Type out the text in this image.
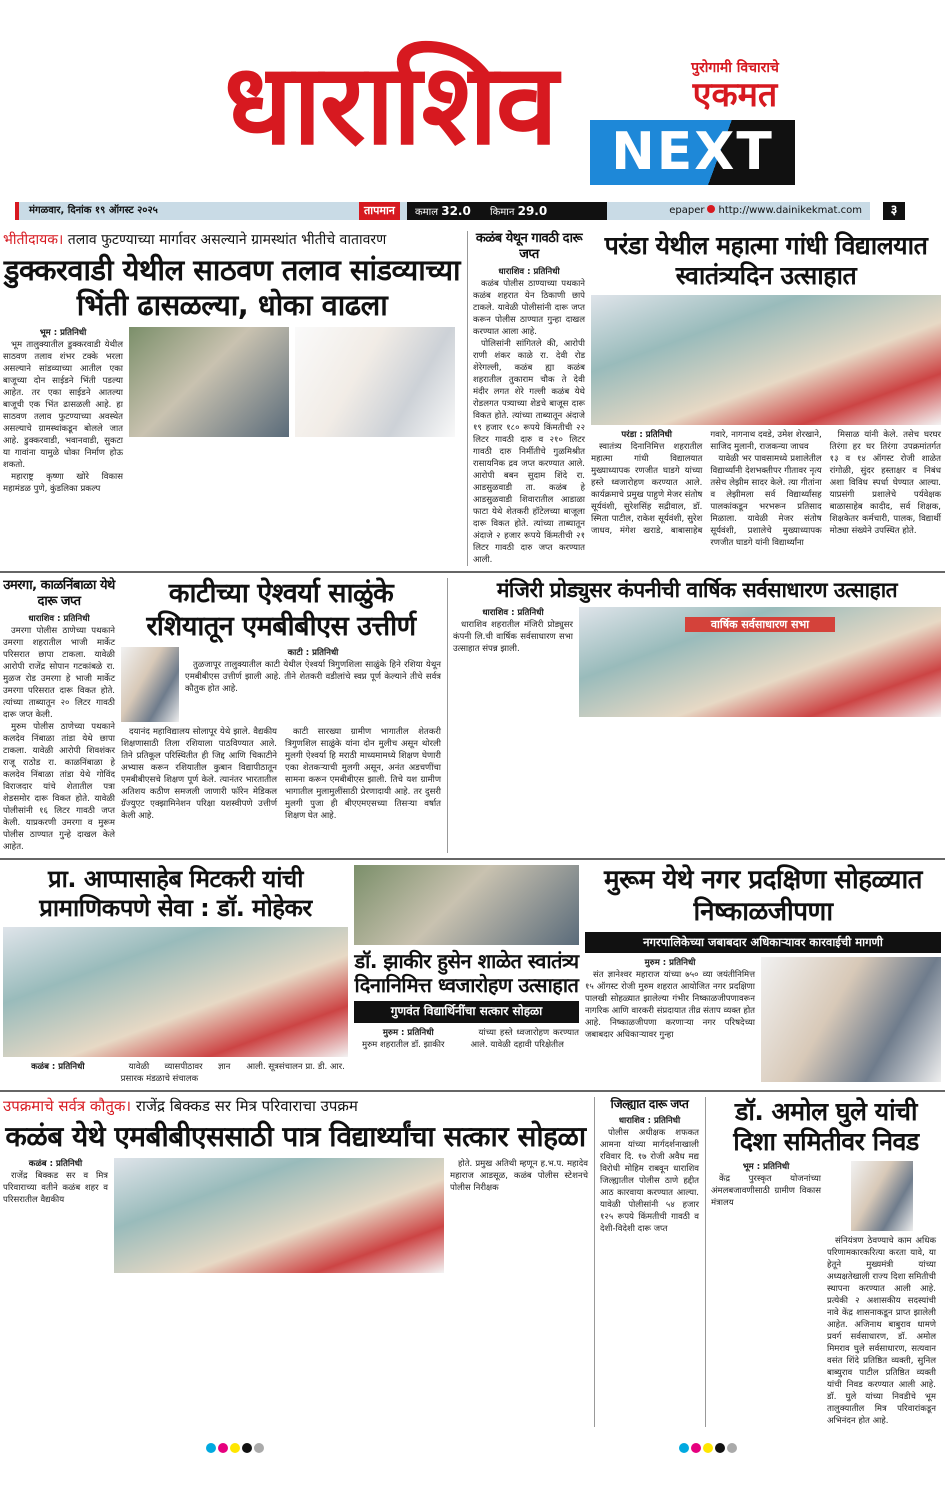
धाराशिव	पुरोगामी विचाराचे
एकमत
NEXT
मंगळवार, दिनांक १९ ऑगस्ट २०२५	तापमान	कमाल 32.0 किमान 29.0	epaper http://www.dainikekmat.com	३
भीतीदायक। तलाव फुटण्याच्या मार्गावर असल्याने ग्रामस्थांत भीतीचे वातावरण
डुक्करवाडी येथील साठवण तलाव सांडव्याच्या भिंती ढासळल्या, धोका वाढला
भूम : प्रतिनिधी

भूम तालुक्यातील डुक्करवाडी येथील साठवण तलाव शंभर टक्के भरला असल्याने सांडव्याच्या आतील एका बाजूच्या दोन साईडने भिंती पडल्या आहेत. तर एका साईडने आतल्या बाजूची एक भिंत ढासळली आहे. हा साठवण तलाव फुटण्याच्या अवस्थेत असल्याचे ग्रामस्थांकडून बोलले जात आहे. डुक्करवाडी, भवानवाडी, सुकटा या गावांना यामुळे धोका निर्माण होऊ शकतो.

महाराष्ट्र कृष्णा खोरे विकास महामंडळ पुणे, कुंडलिका प्रकल्प

कळंब येथून गावठी दारू जप्त
धाराशिव : प्रतिनिधी

कळंब पोलीस ठाण्याच्या पथकाने कळंब शहरात येन ठिकाणी छापे टाकले. यावेळी पोलीसांनी दारू जप्त करून पोलीस ठाण्यात गुन्हा दाखल करण्यात आला आहे.

पोलिसांनी सांगितले की, आरोपी राणी शंकर काळे रा. देवी रोड शेरेगल्ली, कळंब ह्या कळंब शहरातील तुकाराम चौक ते देवी मंदीर लगत शेरे गल्ली कळंब येथे रोडलगत पत्र्याच्या शेडचे बाजूस दारू विकत होते. त्यांच्या ताब्यातून अंदाजे १९ हजार १८० रूपये किंमतीची २२ लिटर गावठी दारु व २१० लिटर गावठी दारु निर्मीतीचे गुळमिश्रीत रासायनिक द्रव जप्त करण्यात आले. आरोपी बबन सुदाम शिंदे रा. आडसुळवाडी ता. कळंब हे आडसुळवाडी शिवारातील आडाळा फाटा येथे शेतकरी हॉटेलच्या बाजूला दारू विकत होते. त्यांच्या ताब्यातून अंदाजे २ हजार रूपये किंमतीची २१ लिटर गावठी दारु जप्त करण्यात आली.

परंडा येथील महात्मा गांधी विद्यालयात स्वातंत्र्यदिन उत्साहात
परंडा : प्रतिनिधी

स्वातंत्र्य दिनानिमित्त शहरातील महात्मा गांधी विद्यालयात मुख्याध्यापक रणजीत घाडगे यांच्या हस्ते ध्वजारोहण करण्यात आले. कार्यक्रमाचे प्रमुख पाहुणे मेजर संतोष सूर्यवंशी, सुरेशसिंह सद्रीवाल, डॉ. स्मिता पाटील, राकेश सूर्यवंशी, सुरेश जाधव, मंगेश खराडे, बाबासाहेब गवारे, नागनाथ दवडे, उमेश शेरखाने, साजिद मुलानी, राजकन्या जाधव

यावेळी भर पावसामध्ये प्रशालेतील विद्यार्थ्यांनी देशभक्तीपर गीतावर नृत्य तसेच लेझीम सादर केले. त्या गीतांना व लेझीमला सर्व विद्यार्थ्यांसह पालकांकडून भरभरून प्रतिसाद मिळाला. यावेळी मेजर संतोष सूर्यवंशी, प्रशालेचे मुख्याध्यापक रणजीत घाडगे यांनी विद्यार्थ्यांना

मिसाळ यांनी केले. तसेच घरघर तिरंगा हर घर तिरंगा उपक्रमांतर्गत १३ व १४ ऑगस्ट रोजी शाळेत रांगोळी, सुंदर हस्ताक्षर व निबंध अशा विविध स्पर्धा घेण्यात आल्या. याप्रसंगी प्रशालेचे पर्यवेक्षक बाळासाहेब कादीद, सर्व शिक्षक, शिक्षकेतर कर्मचारी, पालक, विद्यार्थी मोठ्या संख्येने उपस्थित होते.

उमरगा, काळनिंबाळा येथे दारू जप्त
धाराशिव : प्रतिनिधी

उमरगा पोलीस ठाणेच्या पथकाने उमरगा शहरातील भाजी मार्केट परिसरात छापा टाकला. यावेळी आरोपी राजेंद्र सोपान गटकांबळे रा. मुळज रोड उमरगा हे भाजी मार्केट उमरगा परिसरात दारू विकत होते. त्यांच्या ताब्यातून २० लिटर गावठी दारू जप्त केली.

मुरुम पोलीस ठाणेच्या पथकाने कलदेव निंबाळा तांडा येथे छापा टाकला. यावेळी आरोपी शिवशंकर राजू राठोड रा. काळनिंबाळा हे कलदेव निंबाळा तांडा येथे गोविंद विराजदार यांचे शेतातील पत्रा शेडसमोर दारू विकत होते. यावेळी पोलीसांनी १६ लिटर गावठी जप्त केली. याप्रकरणी उमरगा व मुरूम पोलीस ठाण्यात गुन्हे दाखल केले आहेत.

काटीच्या ऐश्वर्या साळुंके रशियातून एमबीबीएस उत्तीर्ण
काटी : प्रतिनिधी

तुळजापूर तालुक्यातील काटी येथील ऐश्वर्या त्रिगुणशिला साळुंके हिने रशिया येथून एमबीबीएस उत्तीर्ण झाली आहे. तीने शेतकरी वडीलांचे स्वप्न पूर्ण केल्याने तीचे सर्वत्र कौतुक होत आहे.

दयानंद महाविद्यालय सोलापूर येथे झाले. वैद्यकीय शिक्षणासाठी तिला रशियाला पाठविण्यात आले. तिने प्रतिकूल परिस्थितीत ही जिद्द आणि चिकाटीने अभ्यास करून रशियातील कुबान विद्यापीठातून एमबीबीएसचे शिक्षण पूर्ण केले. त्यानंतर भारतातील अतिशय कठीण समजली जाणारी फॉरेन मेडिकल ग्रॅज्युएट एक्झामिनेशन परिक्षा यशस्वीपणे उत्तीर्ण केली आहे.

काटी सारख्या ग्रामीण भागातील शेतकरी त्रिगुणशिल साळुंके यांना दोन मुलीच असून थोरली मुलगी ऐश्वर्या हि मराठी माध्यमामध्ये शिक्षण घेणारी एका शेतकऱ्याची मुलगी असून, अनंत अडचणींचा सामना करून एमबीबीएस झाली. तिचे यश ग्रामीण भागातील मुलामुलींसाठी प्रेरणादायी आहे. तर दुसरी मुलगी पुजा ही बीएएमएसच्या तिसऱ्या वर्षात शिक्षण घेत आहे.

मंजिरी प्रोड्युसर कंपनीची वार्षिक सर्वसाधारण उत्साहात
धाराशिव : प्रतिनिधी

धाराशिव शहरातील मंजिरी प्रोड्युसर कंपनी लि.ची वार्षिक सर्वसाधारण सभा उत्साहात संपन्न झाली.

वार्षिक सर्वसाधारण सभा
प्रा. आप्पासाहेब मिटकरी यांची प्रामाणिकपणे सेवा : डॉ. मोहेकर
कळंब : प्रतिनिधी	यावेळी व्यासपीठावर ज्ञान प्रसारक मंडळाचे संचालक

आली. सूत्रसंचालन प्रा. डी. आर.

डॉ. झाकीर हुसेन शाळेत स्वातंत्र्य दिनानिमित्त ध्वजारोहण उत्साहात
गुणवंत विद्यार्थिनींचा सत्कार सोहळा
मुरुम : प्रतिनिधी

मुरुम शहरातील डॉ. झाकीर

यांच्या हस्ते ध्वजारोहण करण्यात आले. यावेळी दहावी परिक्षेतील

मुरूम येथे नगर प्रदक्षिणा सोहळ्यात निष्काळजीपणा
नगरपालिकेच्या जबाबदार अधिकाऱ्यावर कारवाईची मागणी
मुरुम : प्रतिनिधी

संत ज्ञानेश्वर महाराज यांच्या ७५० व्या जयंतीनिमित्त १५ ऑगस्ट रोजी मुरुम शहरात आयोजित नगर प्रदक्षिणा पालखी सोहळ्यात झालेल्या गंभीर निष्काळजीपणावरून नागरिक आणि वारकरी संप्रदायात तीव्र संताप व्यक्त होत आहे. निष्काळजीपणा करणाऱ्या नगर परिषदेच्या जबाबदार अधिकाऱ्यावर गुन्हा

उपक्रमाचे सर्वत्र कौतुक। राजेंद्र बिक्कड सर मित्र परिवाराचा उपक्रम
कळंब येथे एमबीबीएससाठी पात्र विद्यार्थ्यांचा सत्कार सोहळा
कळंब : प्रतिनिधी

राजेंद्र बिक्कड सर व मित्र परिवाराच्या वतीने कळंब शहर व परिसरातील वैद्यकीय

होते. प्रमुख अतिथी म्हणून ह.भ.प. महादेव महाराज आडसूळ, कळंब पोलीस स्टेशनचे पोलीस निरीक्षक

जिल्ह्यात दारू जप्त
धाराशिव : प्रतिनिधी

पोलीस अधीक्षक शफकत आमना यांच्या मार्गदर्शनाखाली रविवार दि. १७ रोजी अवैध मद्य विरोधी मोहिम राबवून धाराशिव जिल्ह्यातील पोलीस ठाणे हद्दीत आठ कारवाया करण्यात आल्या. यावेळी पोलीसांनी ५४ हजार १२५ रूपये किंमतीची गावठी व देशी-विदेशी दारू जप्त

डॉ. अमोल घुले यांची दिशा समितीवर निवड
भूम : प्रतिनिधी

केंद्र पुरस्कृत योजनांच्या अंमलबजावणीसाठी ग्रामीण विकास मंत्रालय

संनियंत्रण ठेवण्याचे काम अधिक परिणामकारकरित्या करता यावे, या हेतूने मुख्यमंत्री यांच्या अध्यक्षतेखाली राज्य दिशा समितीची स्थापना करण्यात आली आहे. प्रत्येकी २ अशासकीय सदस्यांची नावे केंद्र शासनाकडून प्राप्त झालेली आहेत. अजिनाथ बाबुराव धामणे प्रवर्ग सर्वसाधारण, डॉ. अमोल मिमराव घुले सर्वसाधारण, सत्यवान वसंत शिंदे प्रतिष्ठित व्यक्ती, सुनिल बाब्युराव पाटील प्रतिष्ठित व्यक्ती यांची निवड करण्यात आली आहे. डॉ. घुले यांच्या निवडीचे भूम तालुक्यातील मित्र परिवारांकडून अभिनंदन होत आहे.
